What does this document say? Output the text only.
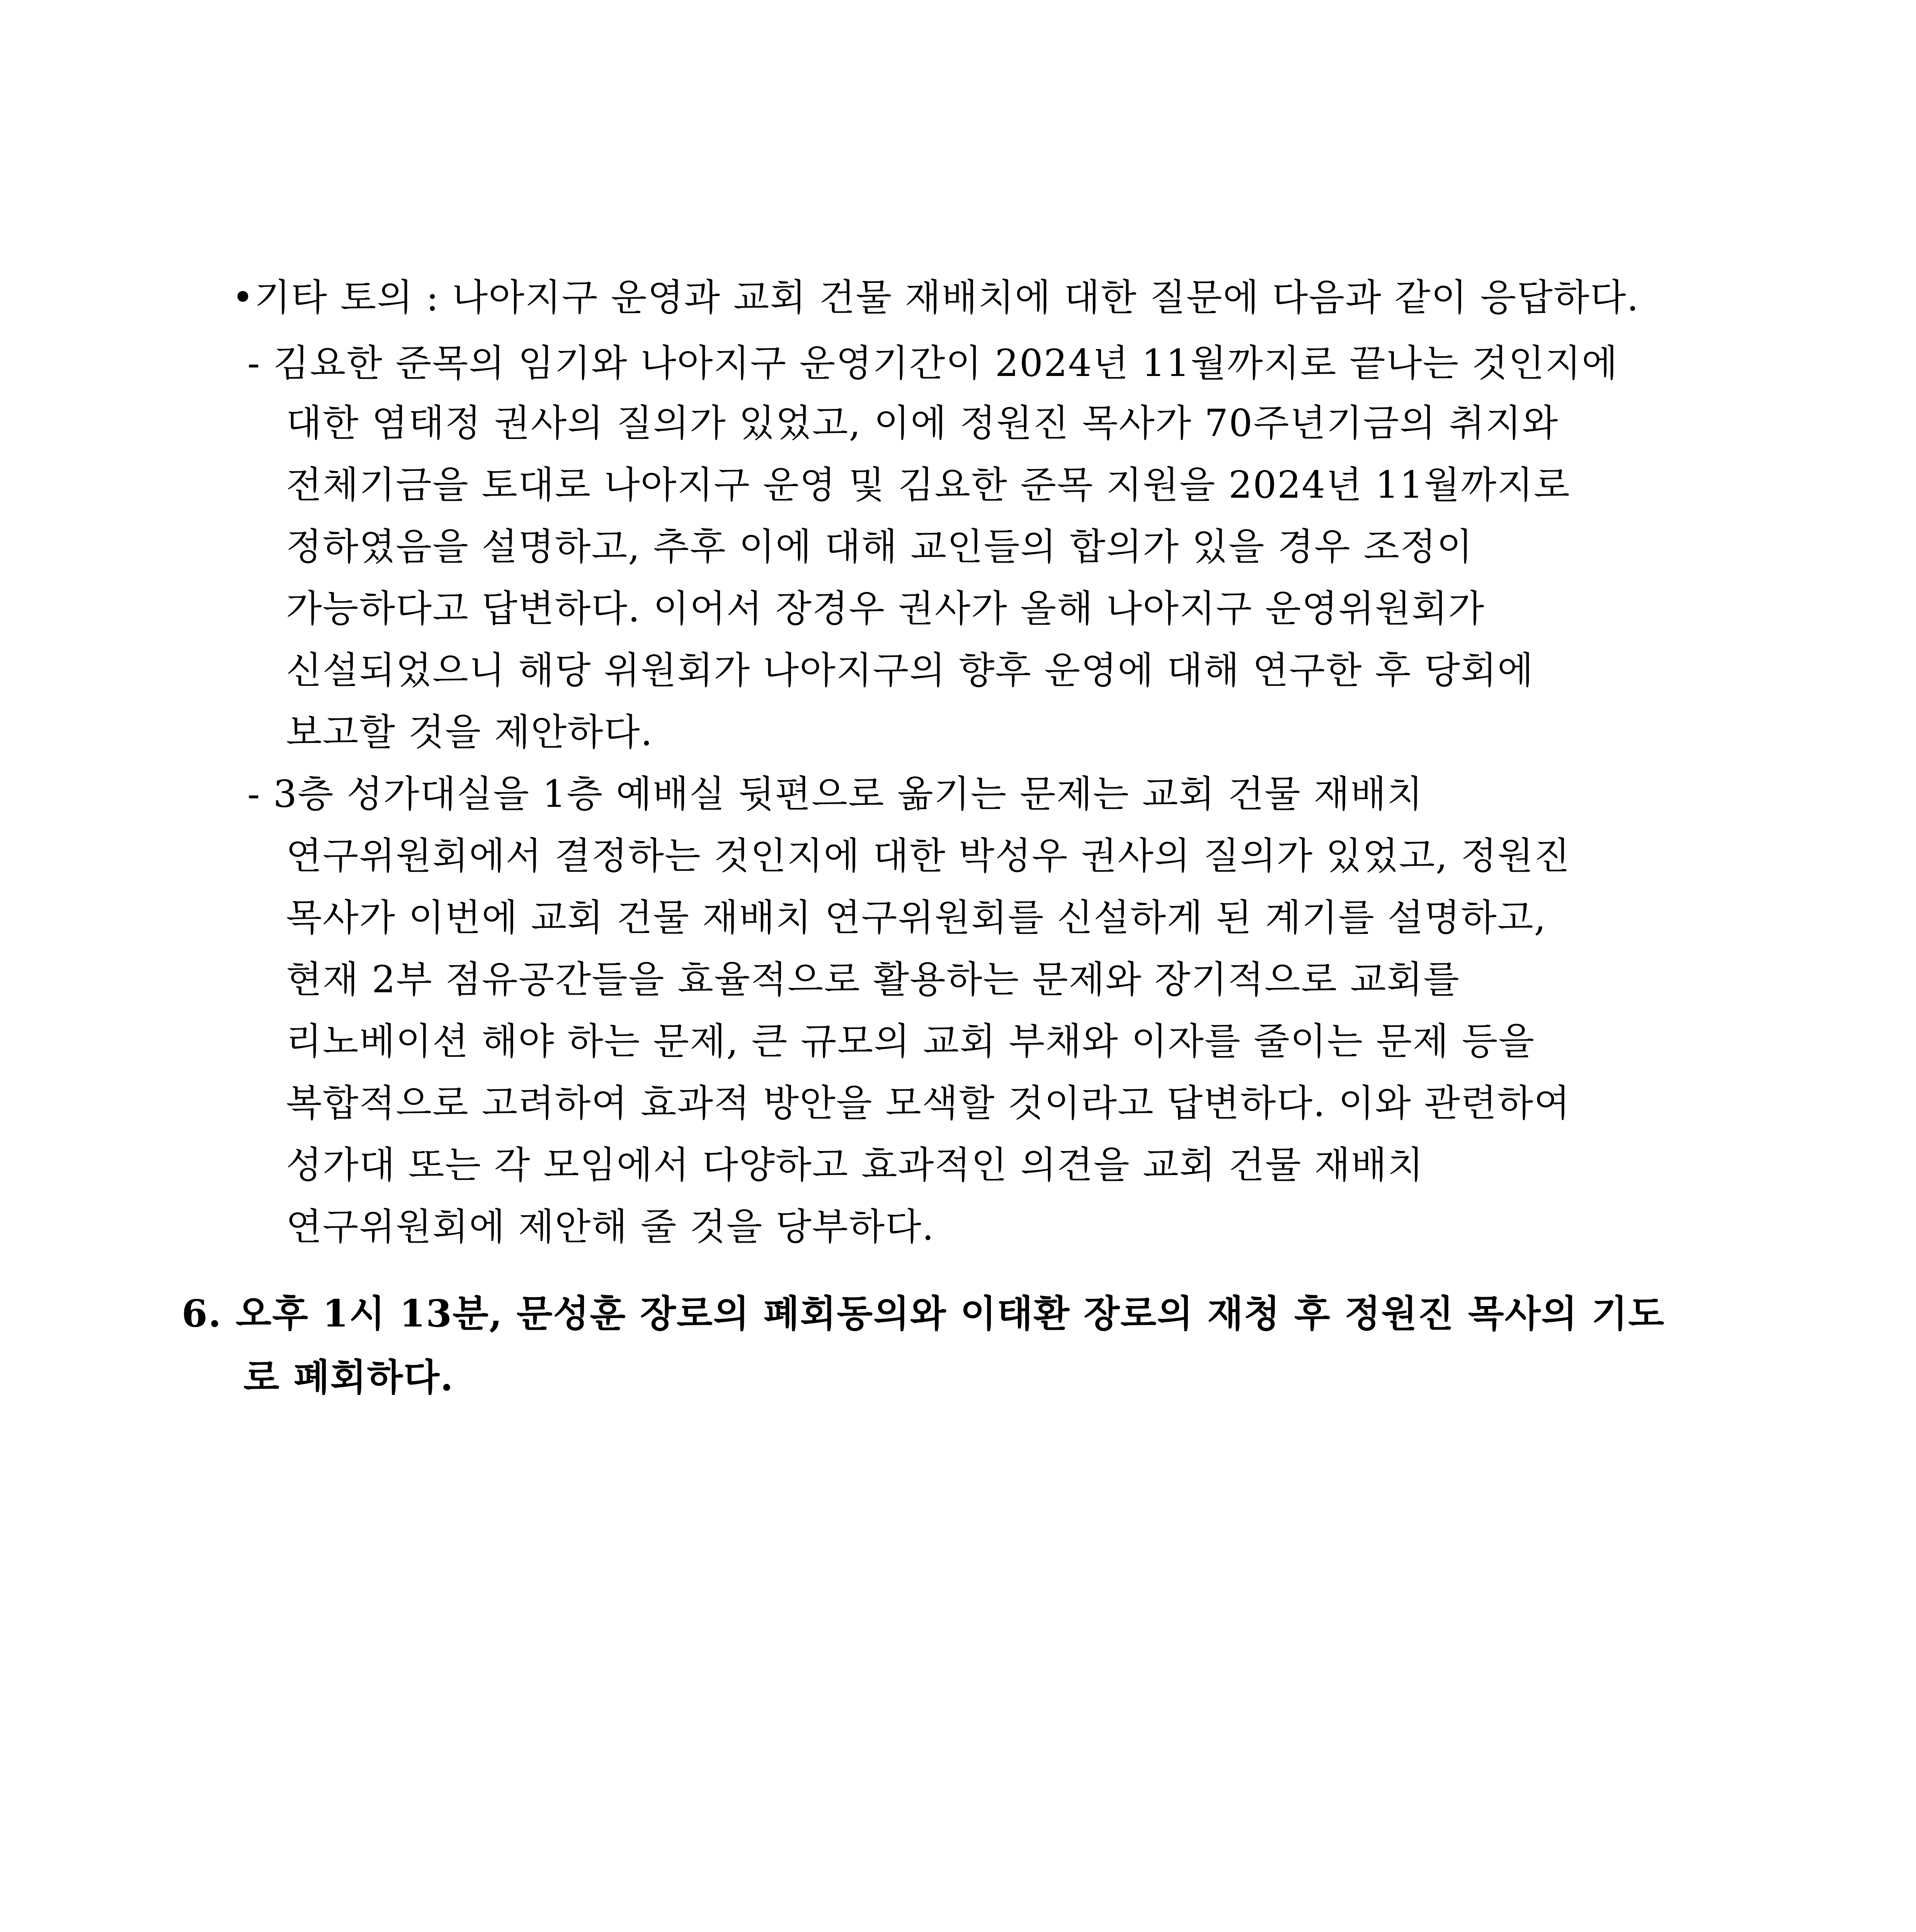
•기타 토의 : 나아지구 운영과 교회 건물 재배치에 대한 질문에 다음과 같이 응답하다.
- 김요한 준목의 임기와 나아지구 운영기간이 2024년 11월까지로 끝나는 것인지에
대한 염태정 권사의 질의가 있었고, 이에 정원진 목사가 70주년기금의 취지와
전체기금을 토대로 나아지구 운영 및 김요한 준목 지원을 2024년 11월까지로
정하였음을 설명하고, 추후 이에 대해 교인들의 합의가 있을 경우 조정이
가능하다고 답변하다. 이어서 장경우 권사가 올해 나아지구 운영위원회가
신설되었으니 해당 위원회가 나아지구의 향후 운영에 대해 연구한 후 당회에
보고할 것을 제안하다.
- 3층 성가대실을 1층 예배실 뒷편으로 옮기는 문제는 교회 건물 재배치
연구위원회에서 결정하는 것인지에 대한 박성우 권사의 질의가 있었고, 정원진
목사가 이번에 교회 건물 재배치 연구위원회를 신설하게 된 계기를 설명하고,
현재 2부 점유공간들을 효율적으로 활용하는 문제와 장기적으로 교회를
리노베이션 해야 하는 문제, 큰 규모의 교회 부채와 이자를 줄이는 문제 등을
복합적으로 고려하여 효과적 방안을 모색할 것이라고 답변하다. 이와 관련하여
성가대 또는 각 모임에서 다양하고 효과적인 의견을 교회 건물 재배치
연구위원회에 제안해 줄 것을 당부하다.
6. 오후 1시 13분, 문성훈 장로의 폐회동의와 이태환 장로의 재청 후 정원진 목사의 기도
로 폐회하다.
